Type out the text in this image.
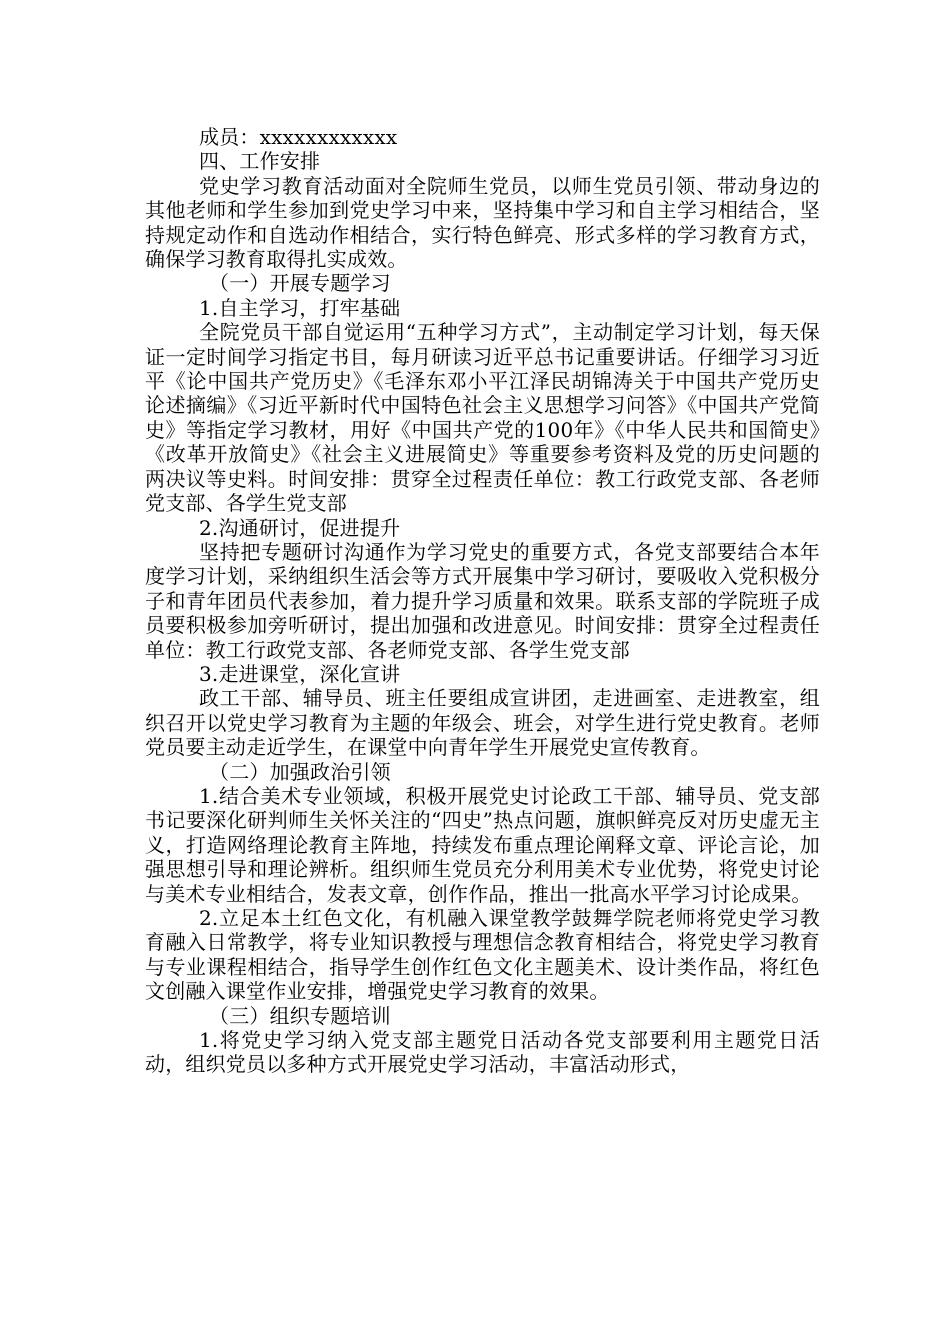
成员：xxxxxxxxxxxx

四、工作安排

党史学习教育活动面对全院师生党员，以师生党员引领、带动身边的其他老师和学生参加到党史学习中来，坚持集中学习和自主学习相结合，坚持规定动作和自选动作相结合，实行特色鲜亮、形式多样的学习教育方式，确保学习教育取得扎实成效。

（一）开展专题学习

1.自主学习，打牢基础

全院党员干部自觉运用“五种学习方式”，主动制定学习计划，每天保证一定时间学习指定书目，每月研读习近平总书记重要讲话。仔细学习习近平《论中国共产党历史》《毛泽东邓小平江泽民胡锦涛关于中国共产党历史论述摘编》《习近平新时代中国特色社会主义思想学习问答》《中国共产党简史》等指定学习教材，用好《中国共产党的100年》《中华人民共和国简史》《改革开放简史》《社会主义进展简史》等重要参考资料及党的历史问题的两决议等史料。时间安排：贯穿全过程责任单位：教工行政党支部、各老师党支部、各学生党支部

2.沟通研讨，促进提升

坚持把专题研讨沟通作为学习党史的重要方式，各党支部要结合本年度学习计划，采纳组织生活会等方式开展集中学习研讨，要吸收入党积极分子和青年团员代表参加，着力提升学习质量和效果。联系支部的学院班子成员要积极参加旁听研讨，提出加强和改进意见。时间安排：贯穿全过程责任单位：教工行政党支部、各老师党支部、各学生党支部

3.走进课堂，深化宣讲

政工干部、辅导员、班主任要组成宣讲团，走进画室、走进教室，组织召开以党史学习教育为主题的年级会、班会，对学生进行党史教育。老师党员要主动走近学生，在课堂中向青年学生开展党史宣传教育。

（二）加强政治引领

1.结合美术专业领域，积极开展党史讨论政工干部、辅导员、党支部书记要深化研判师生关怀关注的“四史”热点问题，旗帜鲜亮反对历史虚无主义，打造网络理论教育主阵地，持续发布重点理论阐释文章、评论言论，加强思想引导和理论辨析。组织师生党员充分利用美术专业优势，将党史讨论与美术专业相结合，发表文章，创作作品，推出一批高水平学习讨论成果。

2.立足本土红色文化，有机融入课堂教学鼓舞学院老师将党史学习教育融入日常教学，将专业知识教授与理想信念教育相结合，将党史学习教育与专业课程相结合，指导学生创作红色文化主题美术、设计类作品，将红色文创融入课堂作业安排，增强党史学习教育的效果。

（三）组织专题培训

1.将党史学习纳入党支部主题党日活动各党支部要利用主题党日活动，组织党员以多种方式开展党史学习活动，丰富活动形式，
